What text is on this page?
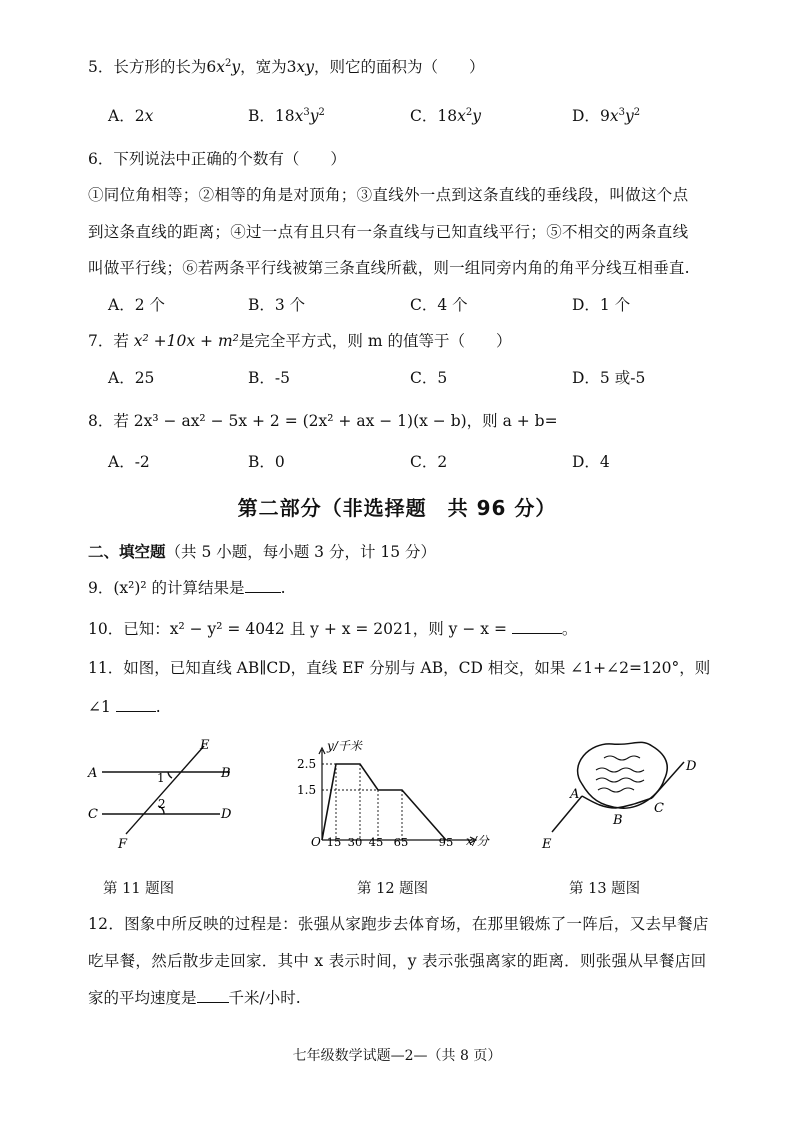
5．长方形的长为$6x^2y$，宽为3xy，则它的面积为（　　）
A．2x	B．$18x^3y^2$	C．$18x^2y$	D．$9x^3y^2$
6．下列说法中正确的个数有（　　）
①同位角相等；②相等的角是对顶角；③直线外一点到这条直线的垂线段，叫做这个点
到这条直线的距离；④过一点有且只有一条直线与已知直线平行；⑤不相交的两条直线
叫做平行线；⑥若两条平行线被第三条直线所截，则一组同旁内角的角平分线互相垂直.
A．2 个	B．3 个	C．4 个	D．1 个
7．若 x² +10x + m²是完全平方式，则 m 的值等于（　　）
A．25	B．-5	C．5	D．5 或-5
8．若 2x³ − ax² − 5x + 2 = (2x² + ax − 1)(x − b)，则 a + b=
A．-2	B．0	C．2	D．4
第二部分（非选择题　共 96 分）
二、填空题（共 5 小题，每小题 3 分，计 15 分）
9．(x²)² 的计算结果是 .
10．已知：x² − y² = 4042 且 y + x = 2021，则 y − x =	。
11．如图，已知直线 AB∥CD，直线 EF 分别与 AB，CD 相交，如果 ∠1+∠2=120°，则
∠1	.
A	B
C	D
E
F
1
2
y/千米
x/分
O
2.5
1.5
15 30 45 65	95
A
B
C
D
E
第 11 题图	第 12 题图	第 13 题图
12．图象中所反映的过程是：张强从家跑步去体育场，在那里锻炼了一阵后，又去早餐店
吃早餐，然后散步走回家．其中 x 表示时间，y 表示张强离家的距离．则张强从早餐店回
家的平均速度是 千米/小时.
七年级数学试题—2—（共 8 页）
